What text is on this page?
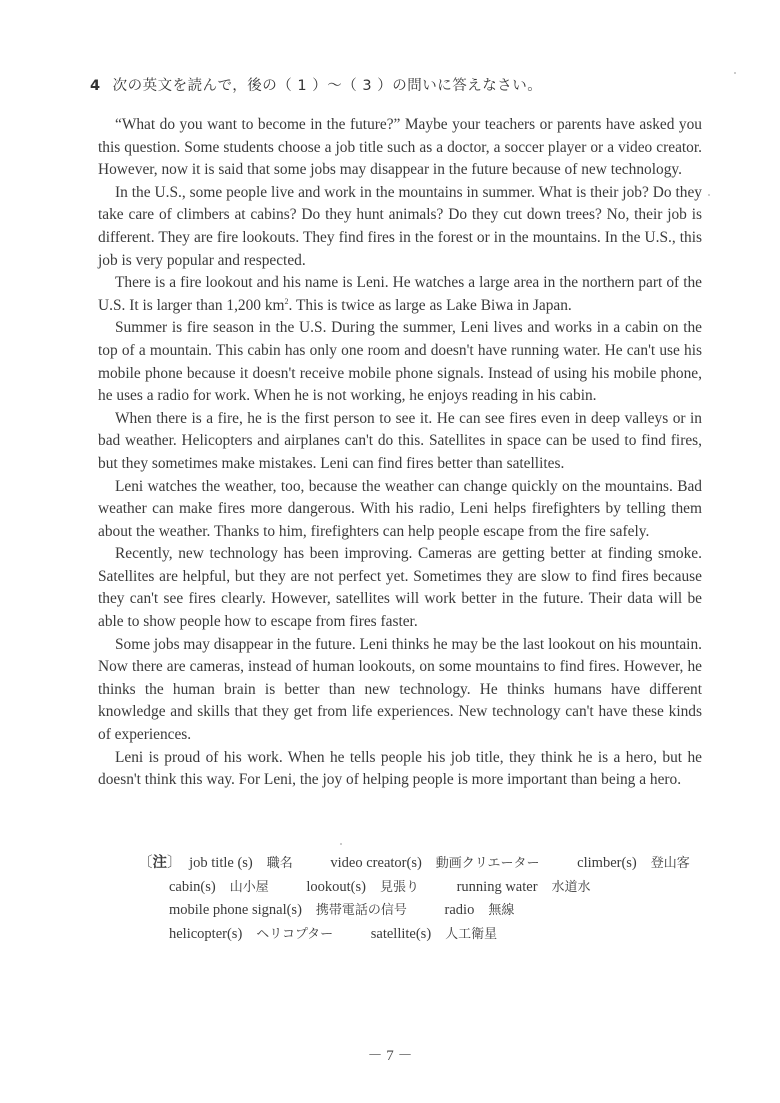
4 次の英文を読んで，後の（ 1 ）～（ 3 ）の問いに答えなさい。

“What do you want to become in the future?” Maybe your teachers or parents have asked you this question. Some students choose a job title such as a doctor, a soccer player or a video creator. However, now it is said that some jobs may disappear in the future because of new technology.

In the U.S., some people live and work in the mountains in summer. What is their job? Do they take care of climbers at cabins? Do they hunt animals? Do they cut down trees? No, their job is different. They are fire lookouts. They find fires in the forest or in the mountains. In the U.S., this job is very popular and respected.

There is a fire lookout and his name is Leni. He watches a large area in the northern part of the U.S. It is larger than 1,200 $km^2$. This is twice as large as Lake Biwa in Japan.

Summer is fire season in the U.S. During the summer, Leni lives and works in a cabin on the top of a mountain. This cabin has only one room and doesn't have running water. He can't use his mobile phone because it doesn't receive mobile phone signals. Instead of using his mobile phone, he uses a radio for work. When he is not working, he enjoys reading in his cabin.

When there is a fire, he is the first person to see it. He can see fires even in deep valleys or in bad weather. Helicopters and airplanes can't do this. Satellites in space can be used to find fires, but they sometimes make mistakes. Leni can find fires better than satellites.

Leni watches the weather, too, because the weather can change quickly on the mountains. Bad weather can make fires more dangerous. With his radio, Leni helps firefighters by telling them about the weather. Thanks to him, firefighters can help people escape from the fire safely.

Recently, new technology has been improving. Cameras are getting better at finding smoke. Satellites are helpful, but they are not perfect yet. Sometimes they are slow to find fires because they can't see fires clearly. However, satellites will work better in the future. Their data will be able to show people how to escape from fires faster.

Some jobs may disappear in the future. Leni thinks he may be the last lookout on his mountain. Now there are cameras, instead of human lookouts, on some mountains to find fires. However, he thinks the human brain is better than new technology. He thinks humans have different knowledge and skills that they get from life experiences. New technology can't have these kinds of experiences.

Leni is proud of his work. When he tells people his job title, they think he is a hero, but he doesn't think this way. For Leni, the joy of helping people is more important than being a hero.

〔注〕 job title (s) 職名	video creator(s) 動画クリエーター	climber(s) 登山客
cabin(s) 山小屋	lookout(s) 見張り	running water 水道水
mobile phone signal(s) 携帯電話の信号	radio 無線
helicopter(s) ヘリコプター	satellite(s) 人工衛星
－ 7 －
